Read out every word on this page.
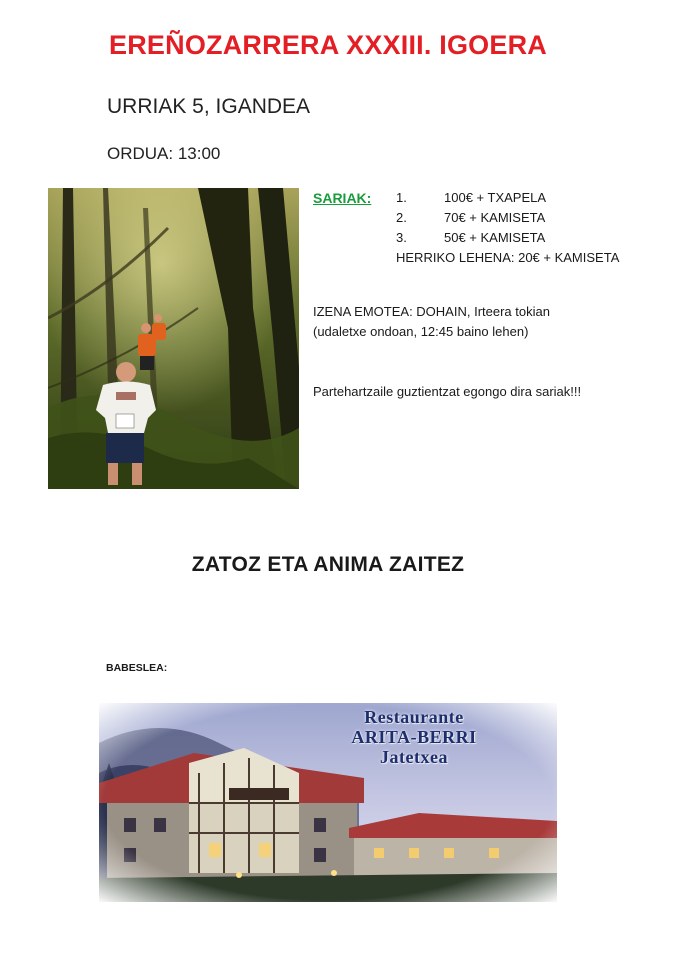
EREÑOZARRERA XXXIII. IGOERA
URRIAK 5, IGANDEA
ORDUA: 13:00
SARIAK: 1.	100€ + TXAPELA
2.	70€ + KAMISETA
3.	50€ + KAMISETA
HERRIKO LEHENA: 20€ + KAMISETA
IZENA EMOTEA: DOHAIN, Irteera tokian
(udaletxe ondoan, 12:45 baino lehen)
Partehartzaile guztientzat egongo dira sariak!!!
ZATOZ ETA ANIMA ZAITEZ
BABESLEA:
Restaurante
ARITA-BERRI
Jatetxea
